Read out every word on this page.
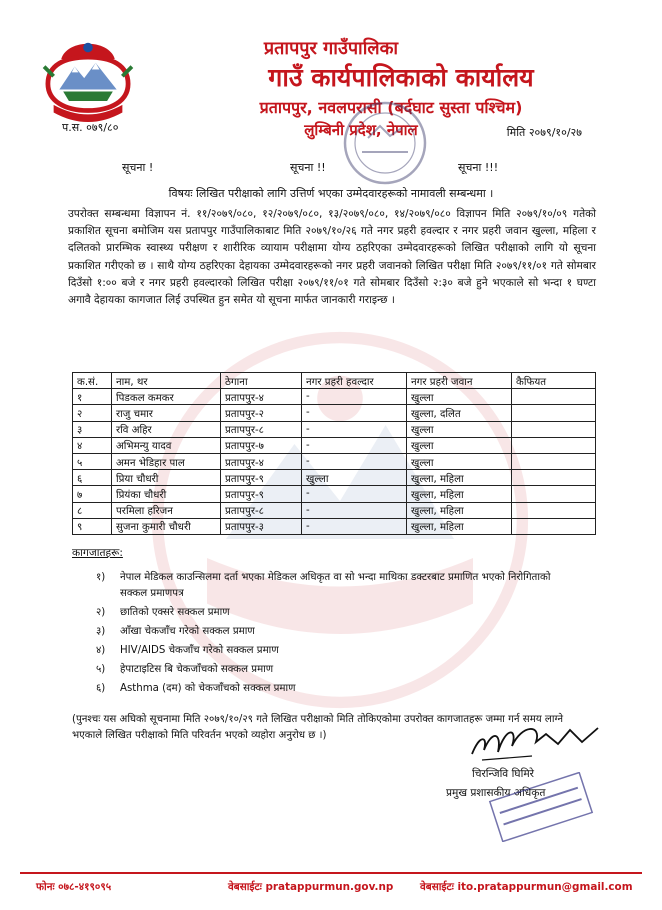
प्रतापपुर गाउँपालिका
गाउँ कार्यपालिकाको कार्यालय
प्रतापपुर, नवलपरासी (बर्दघाट सुस्ता पश्चिम)
लुम्बिनी प्रदेश, नेपाल
प.स. ०७९/८०	मिति २०७९/१०/२७
सूचना !	सूचना !!	सूचना !!!
विषयः लिखित परीक्षाको लागि उत्तिर्ण भएका उम्मेदवारहरूको नामावली सम्बन्धमा ।
उपरोक्त सम्बन्धमा विज्ञापन नं. ११/२०७९/०८०, १२/२०७९/०८०, १३/२०७९/०८०, १४/२०७९/०८० विज्ञापन मिति २०७९/१०/०९ गतेको प्रकाशित सूचना बमोजिम यस प्रतापपुर गाउँपालिकाबाट मिति २०७९/१०/२६ गते नगर प्रहरी हवल्दार र नगर प्रहरी जवान खुल्ला, महिला र दलितको प्रारम्भिक स्वास्थ्य परीक्षण र शारीरिक व्यायाम परीक्षामा योग्य ठहरिएका उम्मेदवारहरूको लिखित परीक्षाको लागि यो सूचना प्रकाशित गरीएको छ । साथै योग्य ठहरिएका देहायका उम्मेदवारहरूको नगर प्रहरी जवानको लिखित परीक्षा मिति २०७९/११/०१ गते सोमबार दिउँसो १:०० बजे र नगर प्रहरी हवल्दारको लिखित परीक्षा २०७९/११/०१ गते सोमबार दिउँसो २:३० बजे हुने भएकाले सो भन्दा १ घण्टा अगावै देहायका कागजात लिई उपस्थित हुन समेत यो सूचना मार्फत जानकारी गराइन्छ ।
क.सं.	नाम, थर	ठेगाना	नगर प्रहरी हवल्दार	नगर प्रहरी जवान	कैफियत
१	पिडकल कमकर	प्रतापपुर-४	-	खुल्ला	
२	राजु चमार	प्रतापपुर-२	-	खुल्ला, दलित	
३	रवि अहिर	प्रतापपुर-८	-	खुल्ला	
४	अभिमन्यु यादव	प्रतापपुर-७	-	खुल्ला	
५	अमन भेडिहार पाल	प्रतापपुर-४	-	खुल्ला	
६	प्रिया चौधरी	प्रतापपुर-९	खुल्ला	खुल्ला, महिला	
७	प्रियंका चौधरी	प्रतापपुर-९	-	खुल्ला, महिला	
८	परमिला हरिजन	प्रतापपुर-८	-	खुल्ला, महिला	
९	सुजना कुमारी चौधरी	प्रतापपुर-३	-	खुल्ला, महिला	
कागजातहरू:
१)	नेपाल मेडिकल काउन्सिलमा दर्ता भएका मेडिकल अधिकृत वा सो भन्दा माथिका डक्टरबाट प्रमाणित भएको निरोगिताको सक्कल प्रमाणपत्र
२)	छातिको एक्सरे सक्कल प्रमाण
३)	आँखा चेकजाँच गरेको सक्कल प्रमाण
४)	HIV/AIDS चेकजाँच गरेको सक्कल प्रमाण
५)	हेपाटाइटिस बि चेकजाँचको सक्कल प्रमाण
६)	Asthma (दम) को चेकजाँचको सक्कल प्रमाण
(पुनश्चः यस अघिको सूचनामा मिति २०७९/१०/२९ गते लिखित परीक्षाको मिति तोकिएकोमा उपरोक्त कागजातहरू जम्मा गर्न समय लाग्ने भएकाले लिखित परीक्षाको मिति परिवर्तन भएको व्यहोरा अनुरोध छ ।)
चिरन्जिवि घिमिरे
प्रमुख प्रशासकीय अधिकृत
फोनः ०७८-४१९०९५	वेबसाईटः pratappurmun.gov.np	वेबसाईटः ito.pratappurmun@gmail.com
